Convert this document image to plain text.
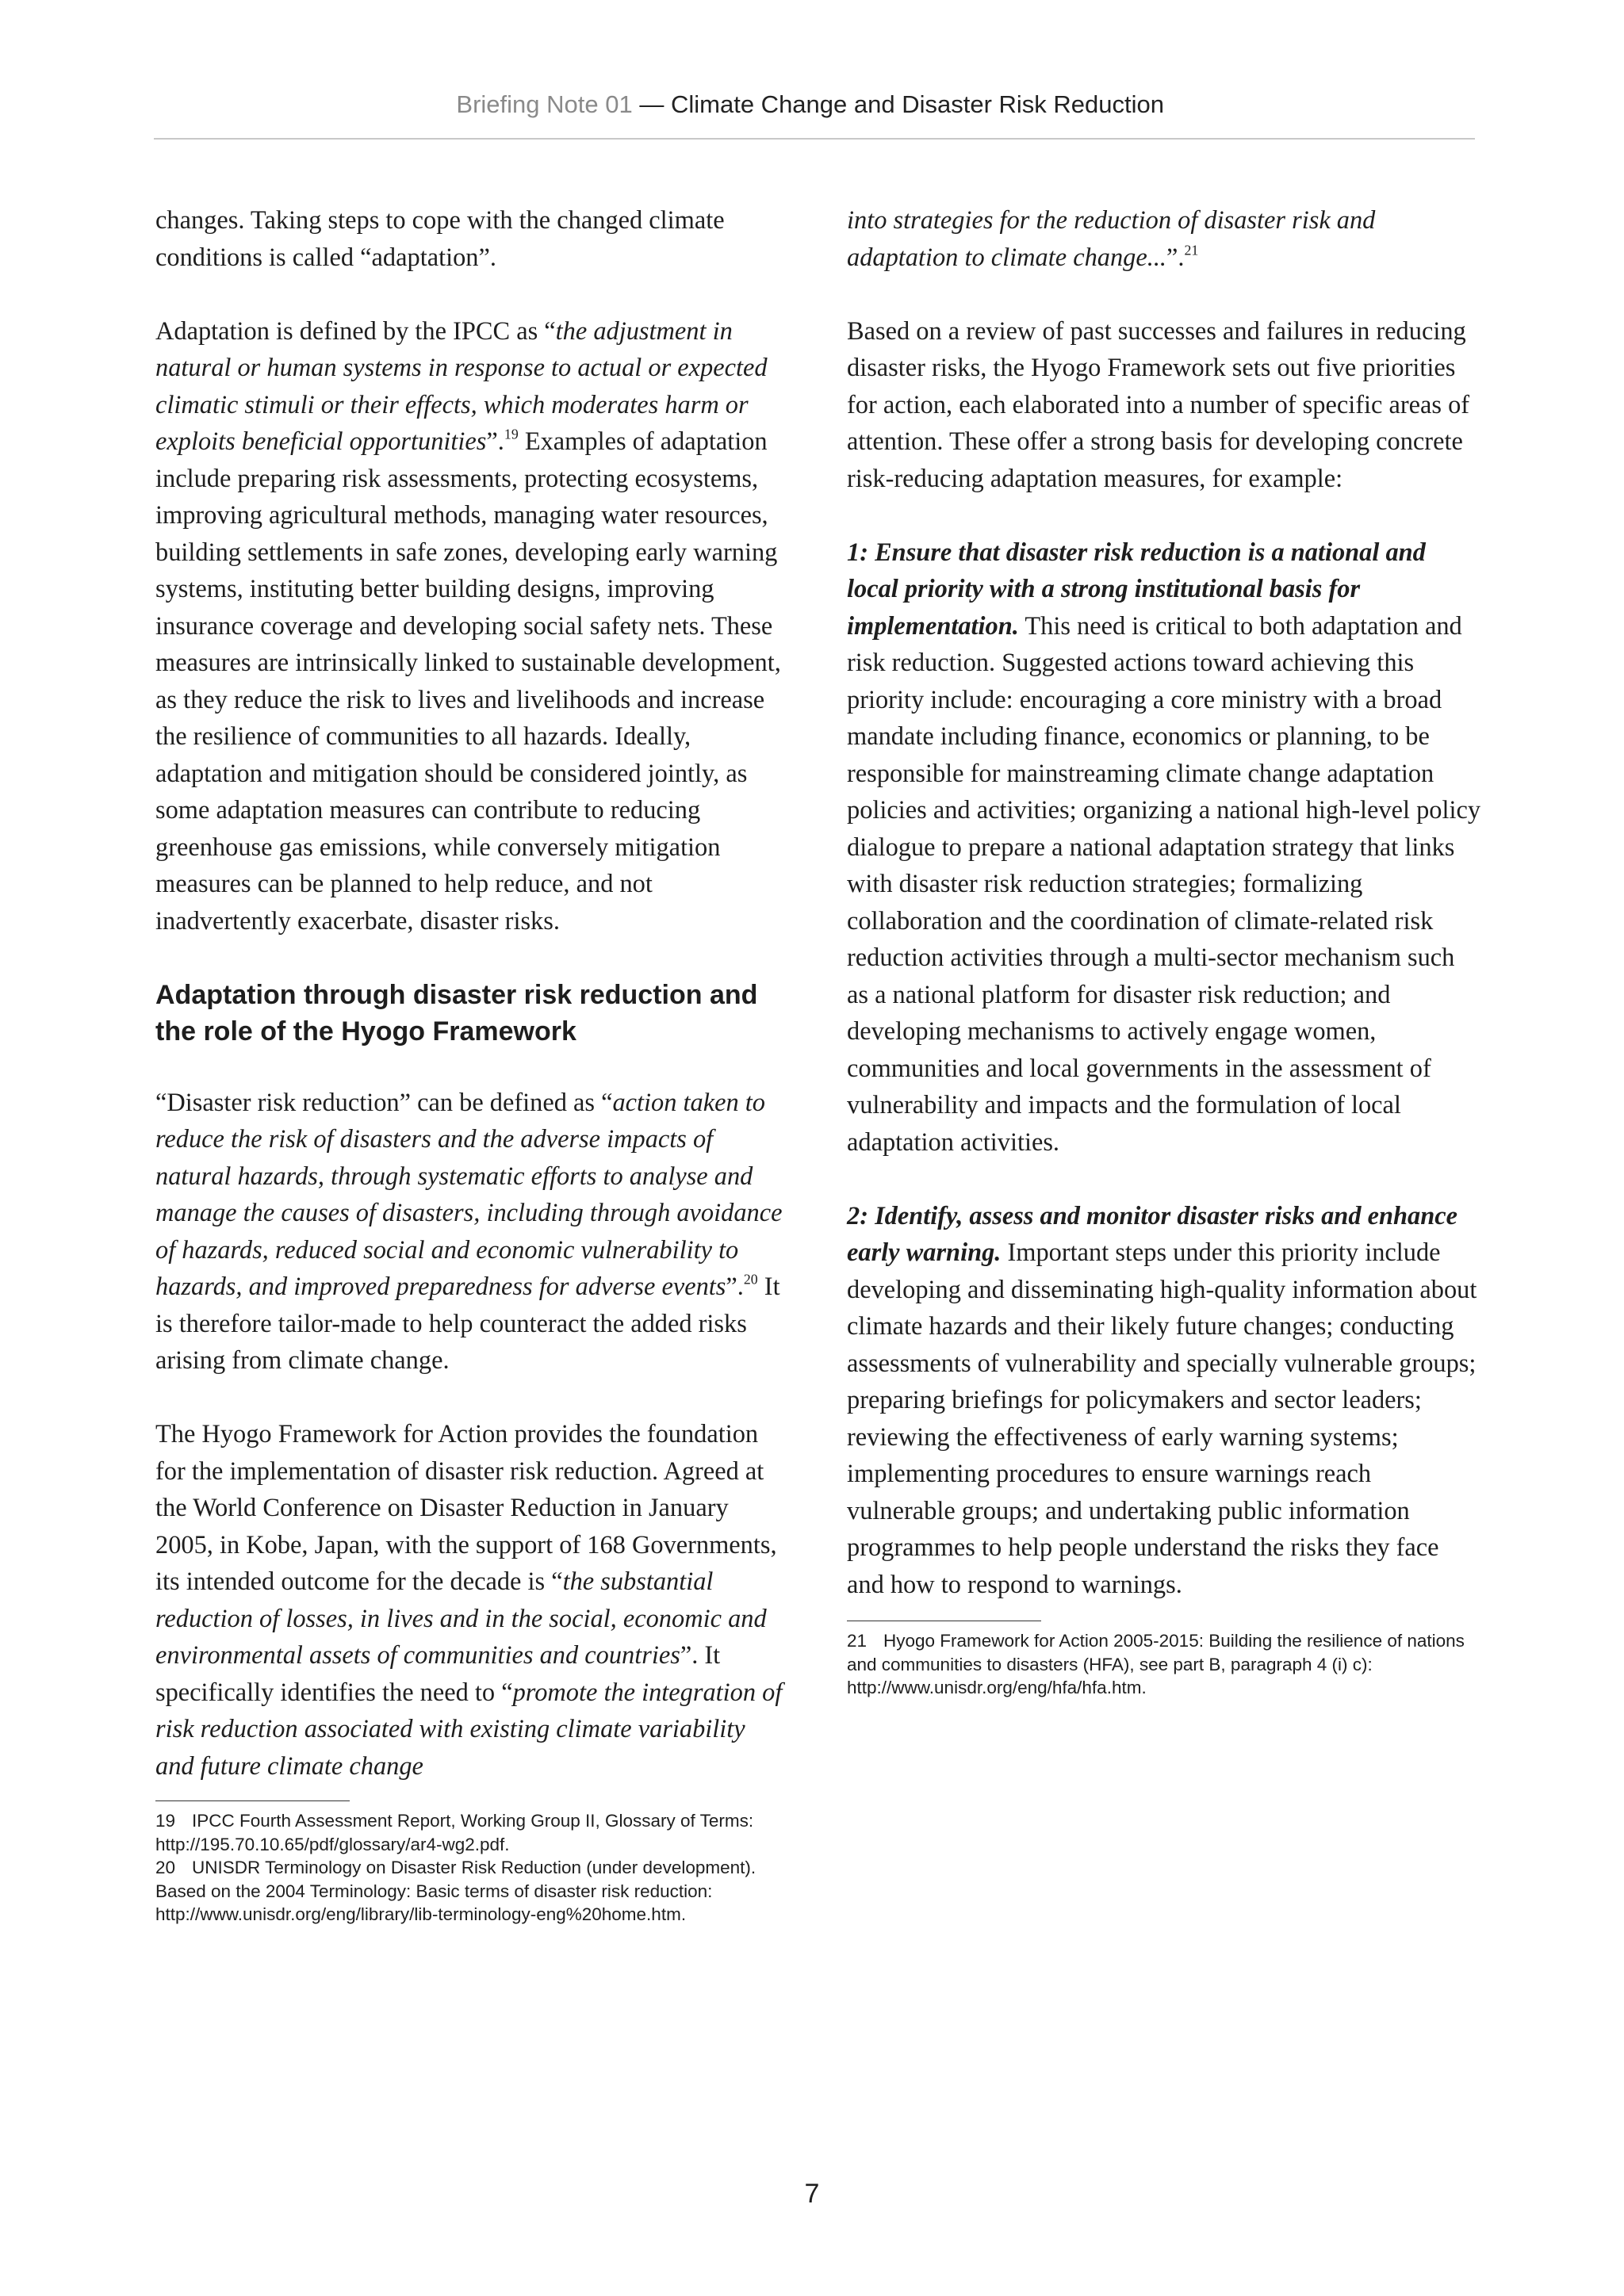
Briefing Note 01 — Climate Change and Disaster Risk Reduction

changes. Taking steps to cope with the changed climate conditions is called “adaptation”.

Adaptation is defined by the IPCC as “the adjustment in natural or human systems in response to actual or expected climatic stimuli or their effects, which moderates harm or exploits beneficial opportunities”.$^{19}$ Examples of adaptation include preparing risk assessments, protecting ecosystems, improving agricultural methods, managing water resources, building settlements in safe zones, developing early warning systems, instituting better building designs, improving insurance coverage and developing social safety nets. These measures are intrinsically linked to sustainable development, as they reduce the risk to lives and livelihoods and increase the resilience of communities to all hazards. Ideally, adaptation and mitigation should be considered jointly, as some adaptation measures can contribute to reducing greenhouse gas emissions, while conversely mitigation measures can be planned to help reduce, and not inadvertently exacerbate, disaster risks.

Adaptation through disaster risk reduction and the role of the Hyogo Framework

“Disaster risk reduction” can be defined as “action taken to reduce the risk of disasters and the adverse impacts of natural hazards, through systematic efforts to analyse and manage the causes of disasters, including through avoidance of hazards, reduced social and economic vulnerability to hazards, and improved preparedness for adverse events”.$^{20}$ It is therefore tailor-made to help counteract the added risks arising from climate change.

The Hyogo Framework for Action provides the foundation for the implementation of disaster risk reduction. Agreed at the World Conference on Disaster Reduction in January 2005, in Kobe, Japan, with the support of 168 Governments, its intended outcome for the decade is “the substantial reduction of losses, in lives and in the social, economic and environmental assets of communities and countries”. It specifically identifies the need to “promote the integration of risk reduction associated with existing climate variability and future climate change

19 IPCC Fourth Assessment Report, Working Group II, Glossary of Terms: http://195.70.10.65/pdf/glossary/ar4-wg2.pdf.
20 UNISDR Terminology on Disaster Risk Reduction (under development). Based on the 2004 Terminology: Basic terms of disaster risk reduction: http://www.unisdr.org/eng/library/lib-terminology-eng%20home.htm.

into strategies for the reduction of disaster risk and adaptation to climate change...”.$^{21}$

Based on a review of past successes and failures in reducing disaster risks, the Hyogo Framework sets out five priorities for action, each elaborated into a number of specific areas of attention. These offer a strong basis for developing concrete risk-reducing adaptation measures, for example:

1: Ensure that disaster risk reduction is a national and local priority with a strong institutional basis for implementation. This need is critical to both adaptation and risk reduction. Suggested actions toward achieving this priority include: encouraging a core ministry with a broad mandate including finance, economics or planning, to be responsible for mainstreaming climate change adaptation policies and activities; organizing a national high-level policy dialogue to prepare a national adaptation strategy that links with disaster risk reduction strategies; formalizing collaboration and the coordination of climate-related risk reduction activities through a multi-sector mechanism such as a national platform for disaster risk reduction; and developing mechanisms to actively engage women, communities and local governments in the assessment of vulnerability and impacts and the formulation of local adaptation activities.

2: Identify, assess and monitor disaster risks and enhance early warning. Important steps under this priority include developing and disseminating high-quality information about climate hazards and their likely future changes; conducting assessments of vulnerability and specially vulnerable groups; preparing briefings for policymakers and sector leaders; reviewing the effectiveness of early warning systems; implementing procedures to ensure warnings reach vulnerable groups; and undertaking public information programmes to help people understand the risks they face and how to respond to warnings.

21 Hyogo Framework for Action 2005-2015: Building the resilience of nations and communities to disasters (HFA), see part B, paragraph 4 (i) c): http://www.unisdr.org/eng/hfa/hfa.htm.
7
